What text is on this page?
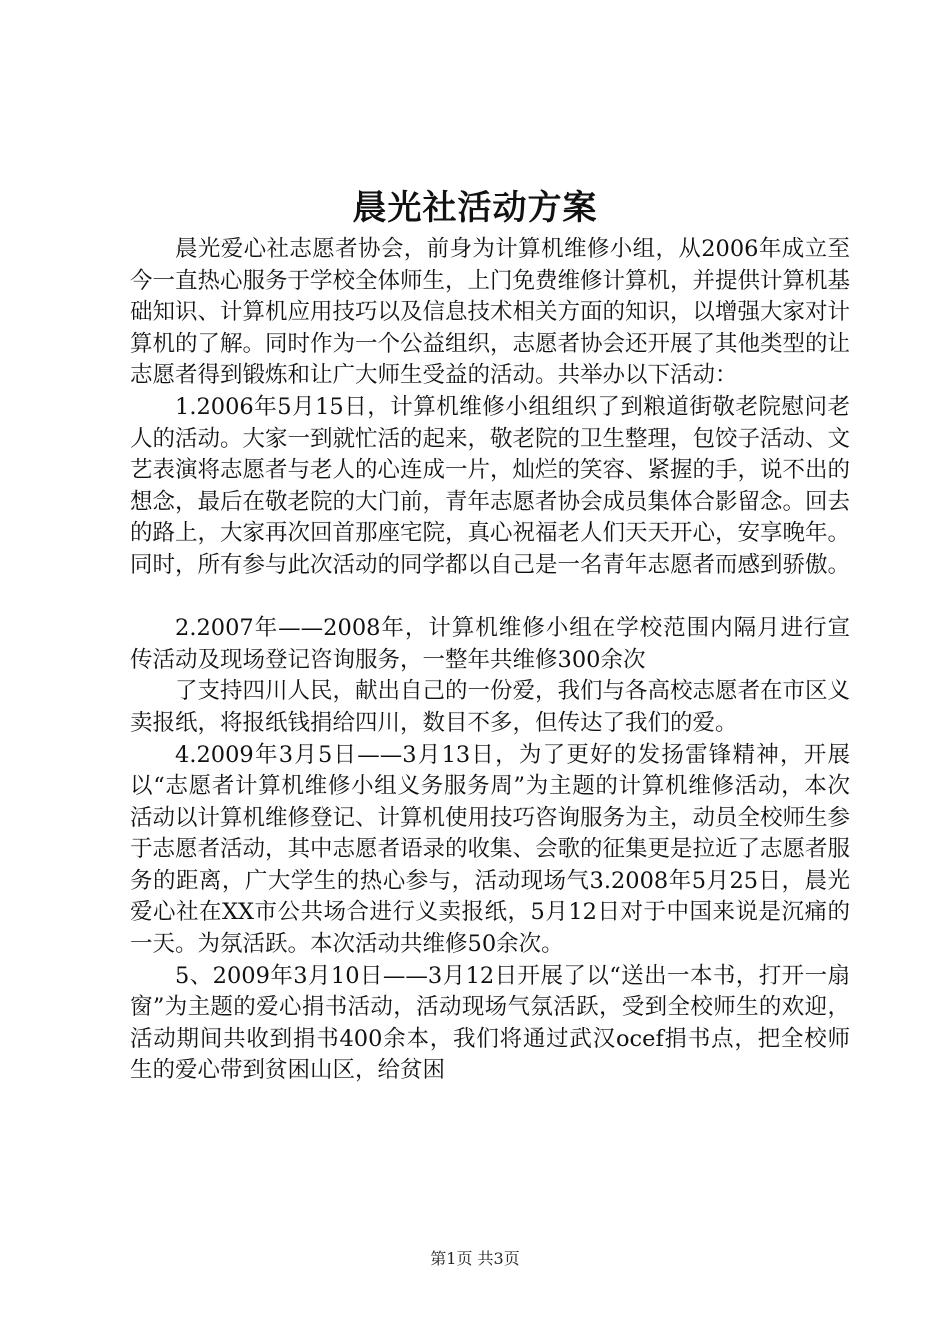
晨光社活动方案

晨光爱心社志愿者协会，前身为计算机维修小组，从2006年成立至今一直热心服务于学校全体师生，上门免费维修计算机，并提供计算机基础知识、计算机应用技巧以及信息技术相关方面的知识，以增强大家对计算机的了解。同时作为一个公益组织，志愿者协会还开展了其他类型的让志愿者得到锻炼和让广大师生受益的活动。共举办以下活动：

1.2006年5月15日，计算机维修小组组织了到粮道街敬老院慰问老人的活动。大家一到就忙活的起来，敬老院的卫生整理，包饺子活动、文艺表演将志愿者与老人的心连成一片，灿烂的笑容、紧握的手，说不出的想念，最后在敬老院的大门前，青年志愿者协会成员集体合影留念。回去的路上，大家再次回首那座宅院，真心祝福老人们天天开心，安享晚年。同时，所有参与此次活动的同学都以自己是一名青年志愿者而感到骄傲。

2.2007年——2008年，计算机维修小组在学校范围内隔月进行宣传活动及现场登记咨询服务，一整年共维修300余次

了支持四川人民，献出自己的一份爱，我们与各高校志愿者在市区义卖报纸，将报纸钱捐给四川，数目不多，但传达了我们的爱。

4.2009年3月5日——3月13日，为了更好的发扬雷锋精神，开展以“志愿者计算机维修小组义务服务周”为主题的计算机维修活动，本次活动以计算机维修登记、计算机使用技巧咨询服务为主，动员全校师生参于志愿者活动，其中志愿者语录的收集、会歌的征集更是拉近了志愿者服务的距离，广大学生的热心参与，活动现场气3.2008年5月25日，晨光爱心社在XX市公共场合进行义卖报纸，5月12日对于中国来说是沉痛的一天。为氛活跃。本次活动共维修50余次。

5、2009年3月10日——3月12日开展了以“送出一本书，打开一扇窗”为主题的爱心捐书活动，活动现场气氛活跃，受到全校师生的欢迎，活动期间共收到捐书400余本，我们将通过武汉ocef捐书点，把全校师生的爱心带到贫困山区，给贫困

第1页 共3页
